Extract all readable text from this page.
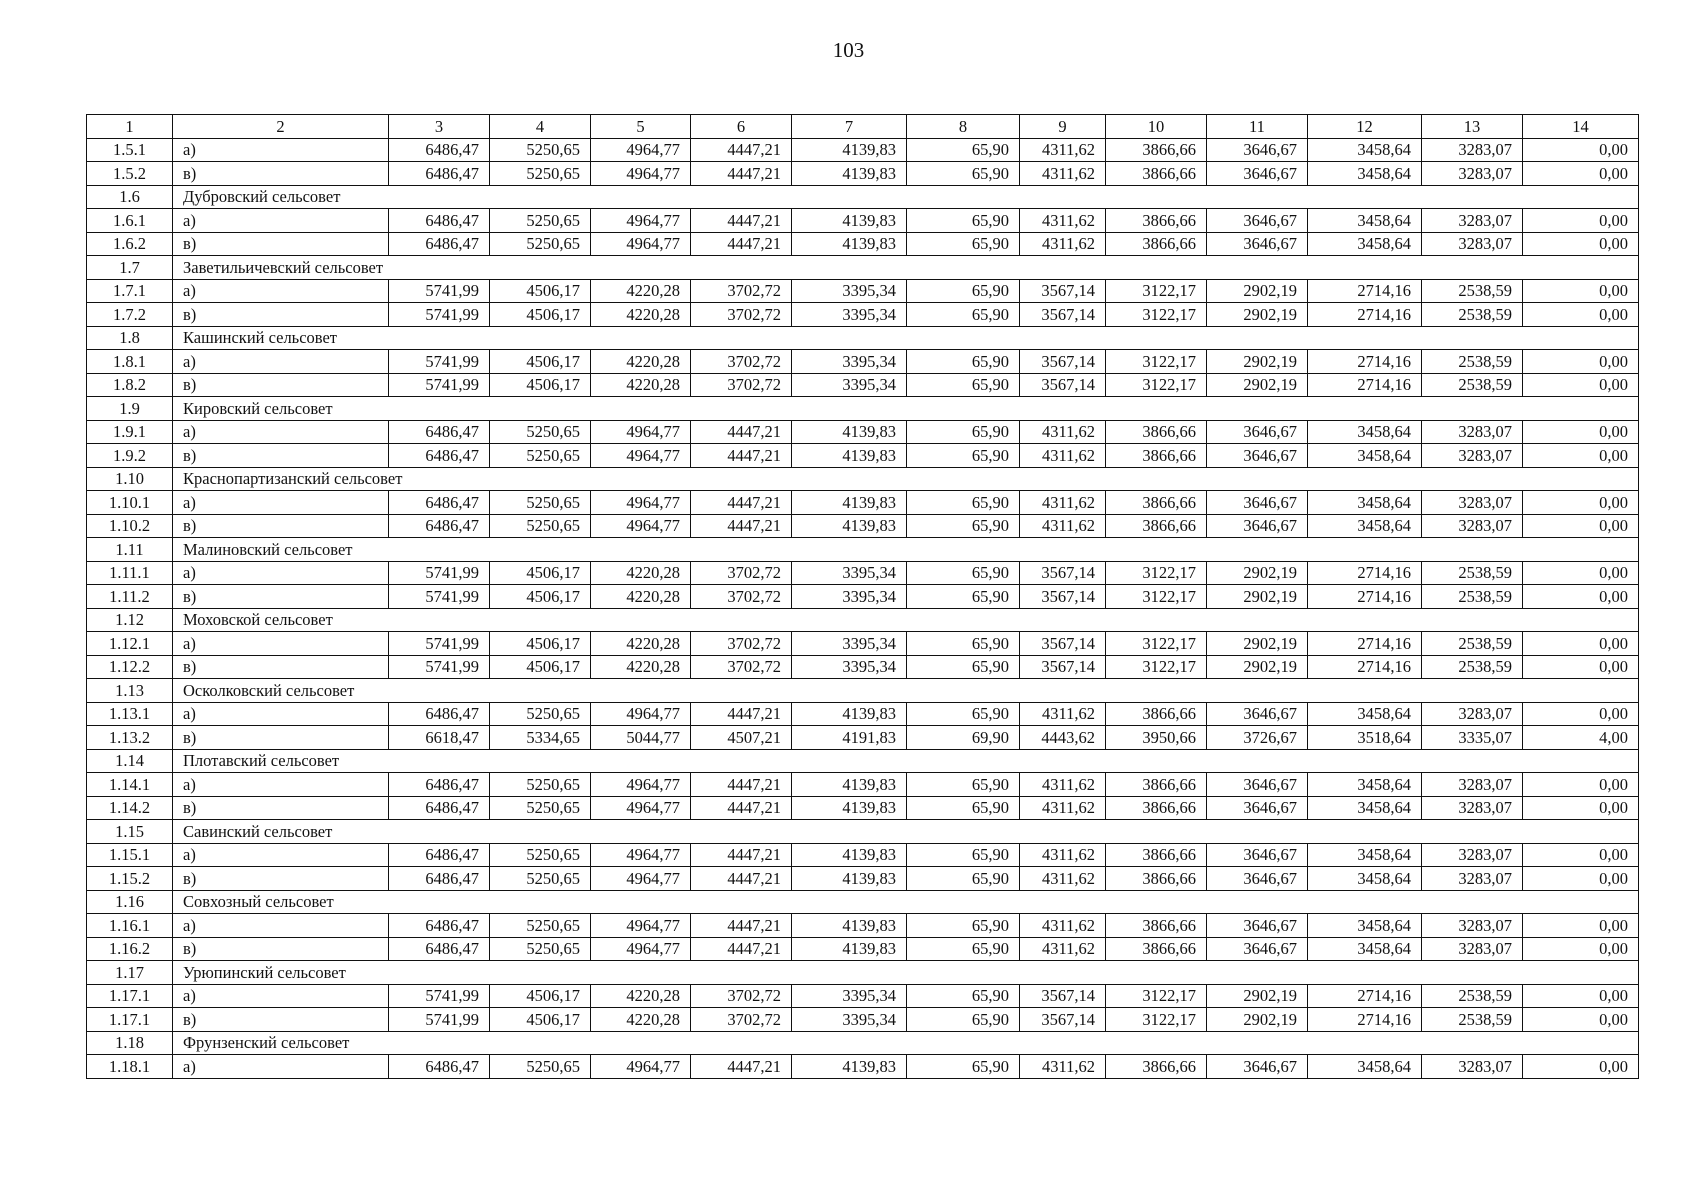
103
1	2	3	4	5	6	7	8	9	10	11	12	13	14
1.5.1	а)	6486,47	5250,65	4964,77	4447,21	4139,83	65,90	4311,62	3866,66	3646,67	3458,64	3283,07	0,00
1.5.2	в)	6486,47	5250,65	4964,77	4447,21	4139,83	65,90	4311,62	3866,66	3646,67	3458,64	3283,07	0,00
1.6	Дубровский сельсовет												
1.6.1	а)	6486,47	5250,65	4964,77	4447,21	4139,83	65,90	4311,62	3866,66	3646,67	3458,64	3283,07	0,00
1.6.2	в)	6486,47	5250,65	4964,77	4447,21	4139,83	65,90	4311,62	3866,66	3646,67	3458,64	3283,07	0,00
1.7	Заветильичевский сельсовет												
1.7.1	а)	5741,99	4506,17	4220,28	3702,72	3395,34	65,90	3567,14	3122,17	2902,19	2714,16	2538,59	0,00
1.7.2	в)	5741,99	4506,17	4220,28	3702,72	3395,34	65,90	3567,14	3122,17	2902,19	2714,16	2538,59	0,00
1.8	Кашинский сельсовет												
1.8.1	а)	5741,99	4506,17	4220,28	3702,72	3395,34	65,90	3567,14	3122,17	2902,19	2714,16	2538,59	0,00
1.8.2	в)	5741,99	4506,17	4220,28	3702,72	3395,34	65,90	3567,14	3122,17	2902,19	2714,16	2538,59	0,00
1.9	Кировский сельсовет												
1.9.1	а)	6486,47	5250,65	4964,77	4447,21	4139,83	65,90	4311,62	3866,66	3646,67	3458,64	3283,07	0,00
1.9.2	в)	6486,47	5250,65	4964,77	4447,21	4139,83	65,90	4311,62	3866,66	3646,67	3458,64	3283,07	0,00
1.10	Краснопартизанский сельсовет												
1.10.1	а)	6486,47	5250,65	4964,77	4447,21	4139,83	65,90	4311,62	3866,66	3646,67	3458,64	3283,07	0,00
1.10.2	в)	6486,47	5250,65	4964,77	4447,21	4139,83	65,90	4311,62	3866,66	3646,67	3458,64	3283,07	0,00
1.11	Малиновский сельсовет												
1.11.1	а)	5741,99	4506,17	4220,28	3702,72	3395,34	65,90	3567,14	3122,17	2902,19	2714,16	2538,59	0,00
1.11.2	в)	5741,99	4506,17	4220,28	3702,72	3395,34	65,90	3567,14	3122,17	2902,19	2714,16	2538,59	0,00
1.12	Моховской сельсовет												
1.12.1	а)	5741,99	4506,17	4220,28	3702,72	3395,34	65,90	3567,14	3122,17	2902,19	2714,16	2538,59	0,00
1.12.2	в)	5741,99	4506,17	4220,28	3702,72	3395,34	65,90	3567,14	3122,17	2902,19	2714,16	2538,59	0,00
1.13	Осколковский сельсовет												
1.13.1	а)	6486,47	5250,65	4964,77	4447,21	4139,83	65,90	4311,62	3866,66	3646,67	3458,64	3283,07	0,00
1.13.2	в)	6618,47	5334,65	5044,77	4507,21	4191,83	69,90	4443,62	3950,66	3726,67	3518,64	3335,07	4,00
1.14	Плотавский сельсовет												
1.14.1	а)	6486,47	5250,65	4964,77	4447,21	4139,83	65,90	4311,62	3866,66	3646,67	3458,64	3283,07	0,00
1.14.2	в)	6486,47	5250,65	4964,77	4447,21	4139,83	65,90	4311,62	3866,66	3646,67	3458,64	3283,07	0,00
1.15	Савинский сельсовет												
1.15.1	а)	6486,47	5250,65	4964,77	4447,21	4139,83	65,90	4311,62	3866,66	3646,67	3458,64	3283,07	0,00
1.15.2	в)	6486,47	5250,65	4964,77	4447,21	4139,83	65,90	4311,62	3866,66	3646,67	3458,64	3283,07	0,00
1.16	Совхозный сельсовет												
1.16.1	а)	6486,47	5250,65	4964,77	4447,21	4139,83	65,90	4311,62	3866,66	3646,67	3458,64	3283,07	0,00
1.16.2	в)	6486,47	5250,65	4964,77	4447,21	4139,83	65,90	4311,62	3866,66	3646,67	3458,64	3283,07	0,00
1.17	Урюпинский сельсовет												
1.17.1	а)	5741,99	4506,17	4220,28	3702,72	3395,34	65,90	3567,14	3122,17	2902,19	2714,16	2538,59	0,00
1.17.1	в)	5741,99	4506,17	4220,28	3702,72	3395,34	65,90	3567,14	3122,17	2902,19	2714,16	2538,59	0,00
1.18	Фрунзенский сельсовет												
1.18.1	а)	6486,47	5250,65	4964,77	4447,21	4139,83	65,90	4311,62	3866,66	3646,67	3458,64	3283,07	0,00
